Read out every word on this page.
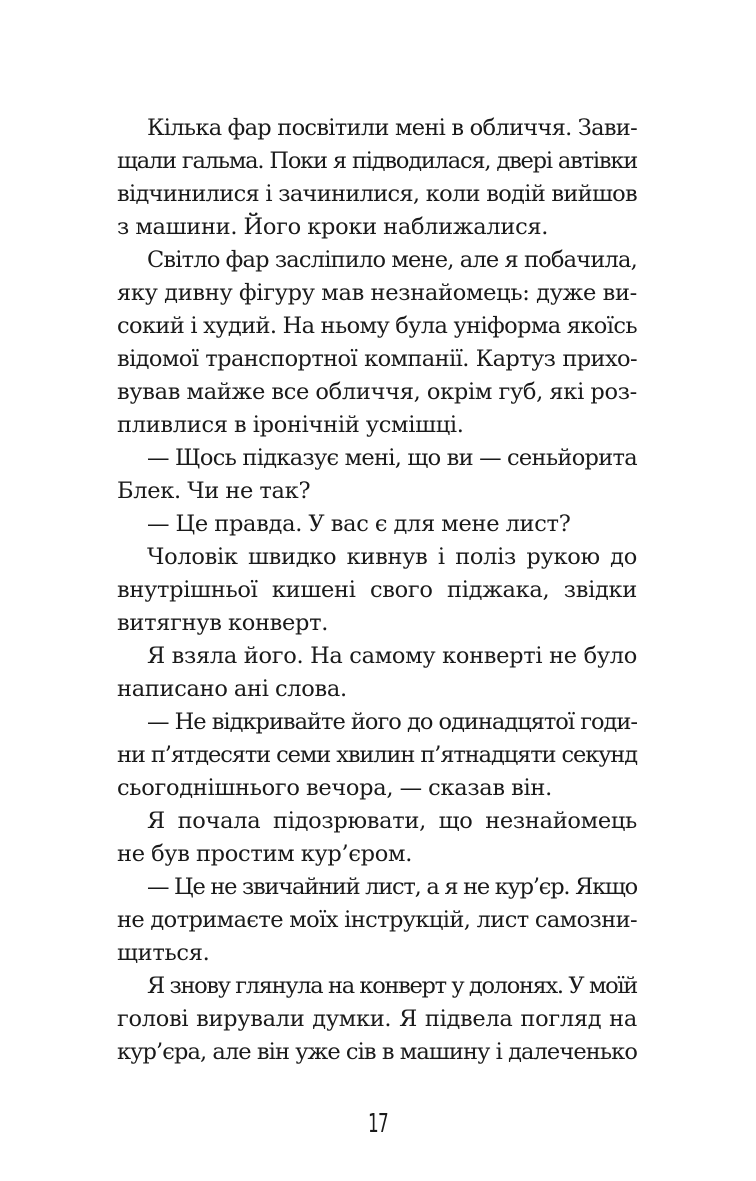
Кілька фар посвітили мені в обличчя. Зави-
щали гальма. Поки я підводилася, двері автівки
відчинилися і зачинилися, коли водій вийшов
з машини. Його кроки наближалися.
Світло фар засліпило мене, але я побачила,
яку дивну фігуру мав незнайомець: дуже ви-
сокий і худий. На ньому була уніформа якоїсь
відомої транспортної компанії. Картуз прихо-
вував майже все обличчя, окрім губ, які роз-
пливлися в іронічній усмішці.
— Щось підказує мені, що ви — сеньйорита
Блек. Чи не так?
— Це правда. У вас є для мене лист?
Чоловік швидко кивнув і поліз рукою до
внутрішньої кишені свого піджака, звідки
витягнув конверт.
Я взяла його. На самому конверті не було
написано ані слова.
— Не відкривайте його до одинадцятої годи-
ни п’ятдесяти семи хвилин п’ятнадцяти секунд
сьогоднішнього вечора, — сказав він.
Я почала підозрювати, що незнайомець
не був простим кур’єром.
— Це не звичайний лист, а я не кур’єр. Якщо
не дотримаєте моїх інструкцій, лист самозни-
щиться.
Я знову глянула на конверт у долонях. У моїй
голові вирували думки. Я підвела погляд на
кур’єра, але він уже сів в машину і далеченько
17
